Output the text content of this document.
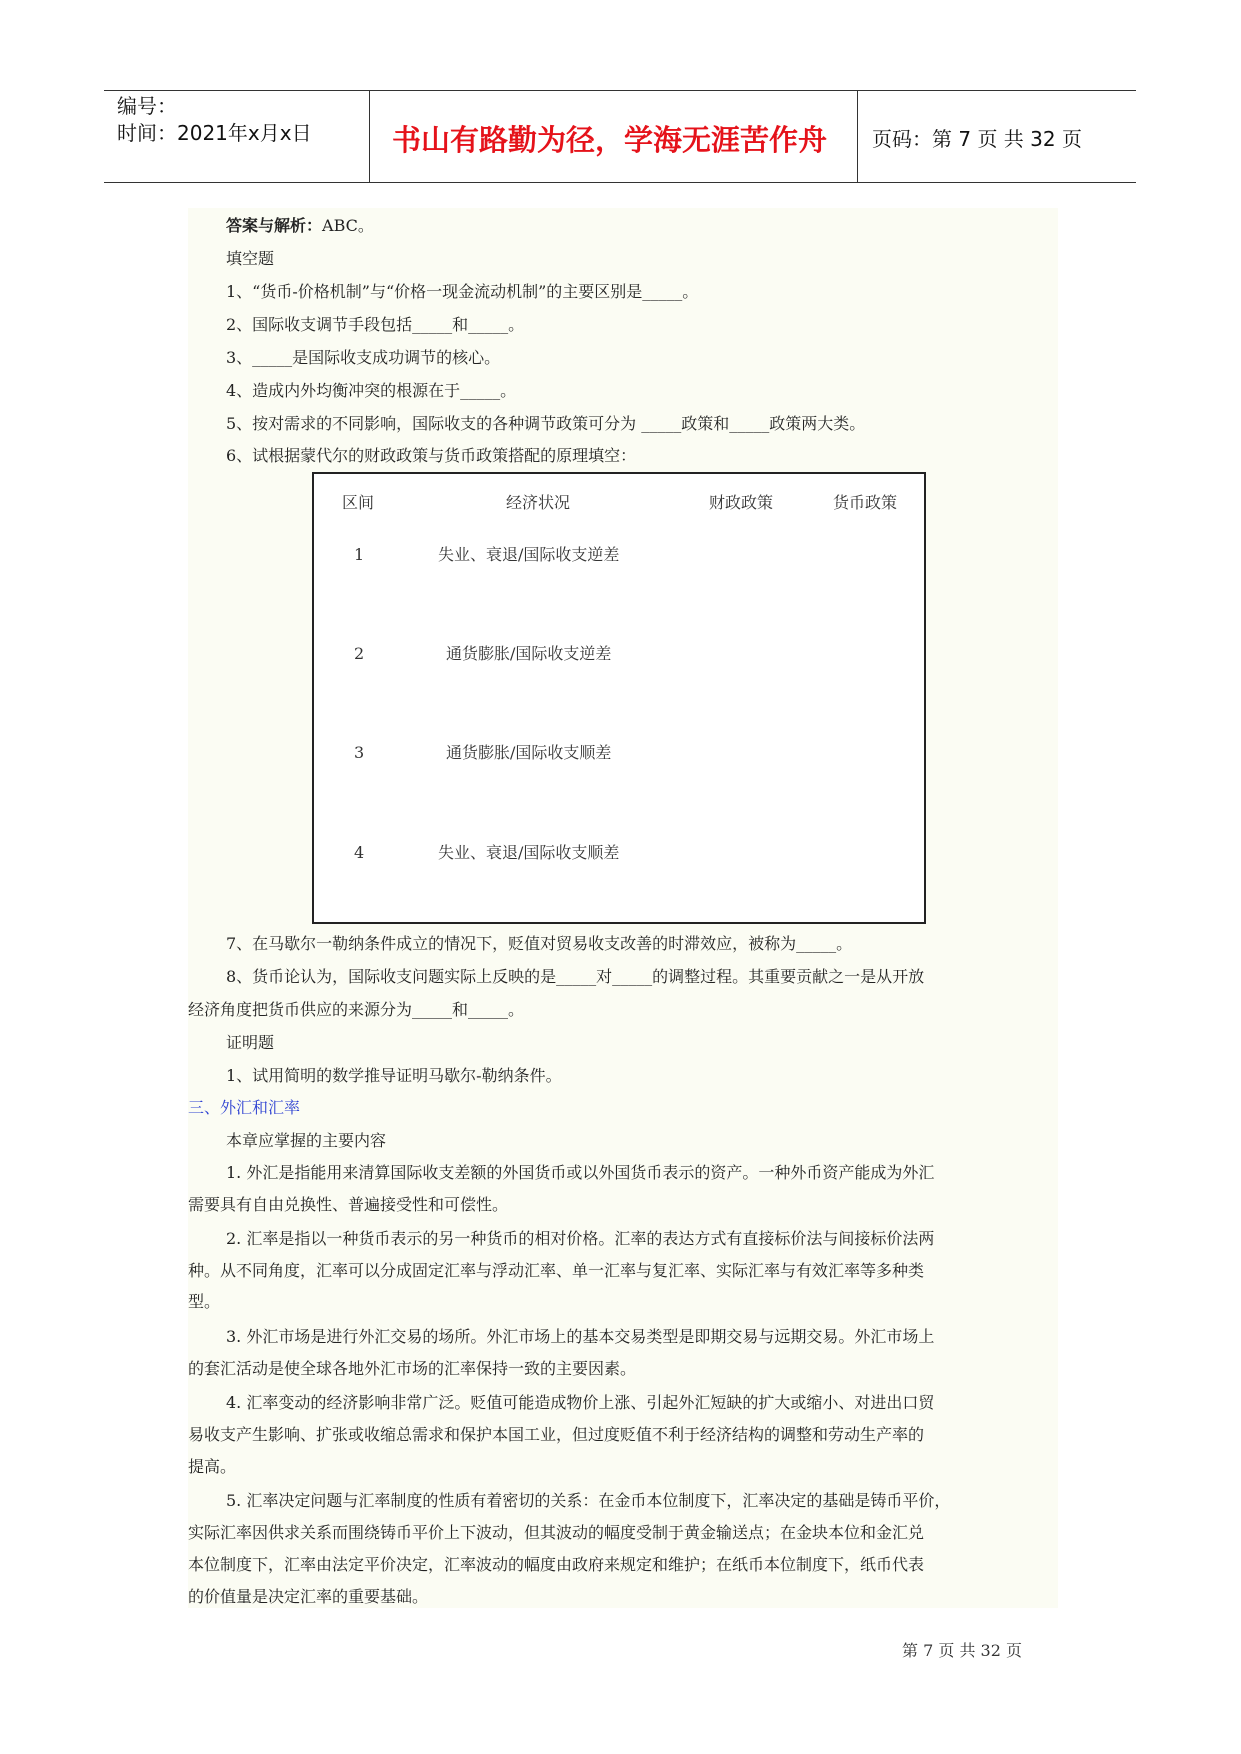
编号：
时间：2021年x月x日	书山有路勤为径，学海无涯苦作舟 页码：第 7 页 共 32 页
答案与解析：ABC。
填空题
1、“货币-价格机制”与“价格一现金流动机制”的主要区别是_____。
2、国际收支调节手段包括_____和_____。
3、_____是国际收支成功调节的核心。
4、造成内外均衡冲突的根源在于_____。
5、按对需求的不同影响，国际收支的各种调节政策可分为 _____政策和_____政策两大类。
6、试根据蒙代尔的财政政策与货币政策搭配的原理填空：
区间	经济状况	财政政策	货币政策
1	失业、衰退/国际收支逆差
2	通货膨胀/国际收支逆差
3	通货膨胀/国际收支顺差
4	失业、衰退/国际收支顺差
7、在马歇尔一勒纳条件成立的情况下，贬值对贸易收支改善的时滞效应，被称为_____。
8、货币论认为，国际收支问题实际上反映的是_____对_____的调整过程。其重要贡献之一是从开放
经济角度把货币供应的来源分为_____和_____。
证明题
1、试用简明的数学推导证明马歇尔-勒纳条件。
三、外汇和汇率
本章应掌握的主要内容
1. 外汇是指能用来清算国际收支差额的外国货币或以外国货币表示的资产。一种外币资产能成为外汇
需要具有自由兑换性、普遍接受性和可偿性。
2. 汇率是指以一种货币表示的另一种货币的相对价格。汇率的表达方式有直接标价法与间接标价法两
种。从不同角度，汇率可以分成固定汇率与浮动汇率、单一汇率与复汇率、实际汇率与有效汇率等多种类
型。
3. 外汇市场是进行外汇交易的场所。外汇市场上的基本交易类型是即期交易与远期交易。外汇市场上
的套汇活动是使全球各地外汇市场的汇率保持一致的主要因素。
4. 汇率变动的经济影响非常广泛。贬值可能造成物价上涨、引起外汇短缺的扩大或缩小、对进出口贸
易收支产生影响、扩张或收缩总需求和保护本国工业，但过度贬值不利于经济结构的调整和劳动生产率的
提高。
5. 汇率决定问题与汇率制度的性质有着密切的关系：在金币本位制度下，汇率决定的基础是铸币平价，
实际汇率因供求关系而围绕铸币平价上下波动，但其波动的幅度受制于黄金输送点；在金块本位和金汇兑
本位制度下，汇率由法定平价决定，汇率波动的幅度由政府来规定和维护；在纸币本位制度下，纸币代表
的价值量是决定汇率的重要基础。
第 7 页 共 32 页
